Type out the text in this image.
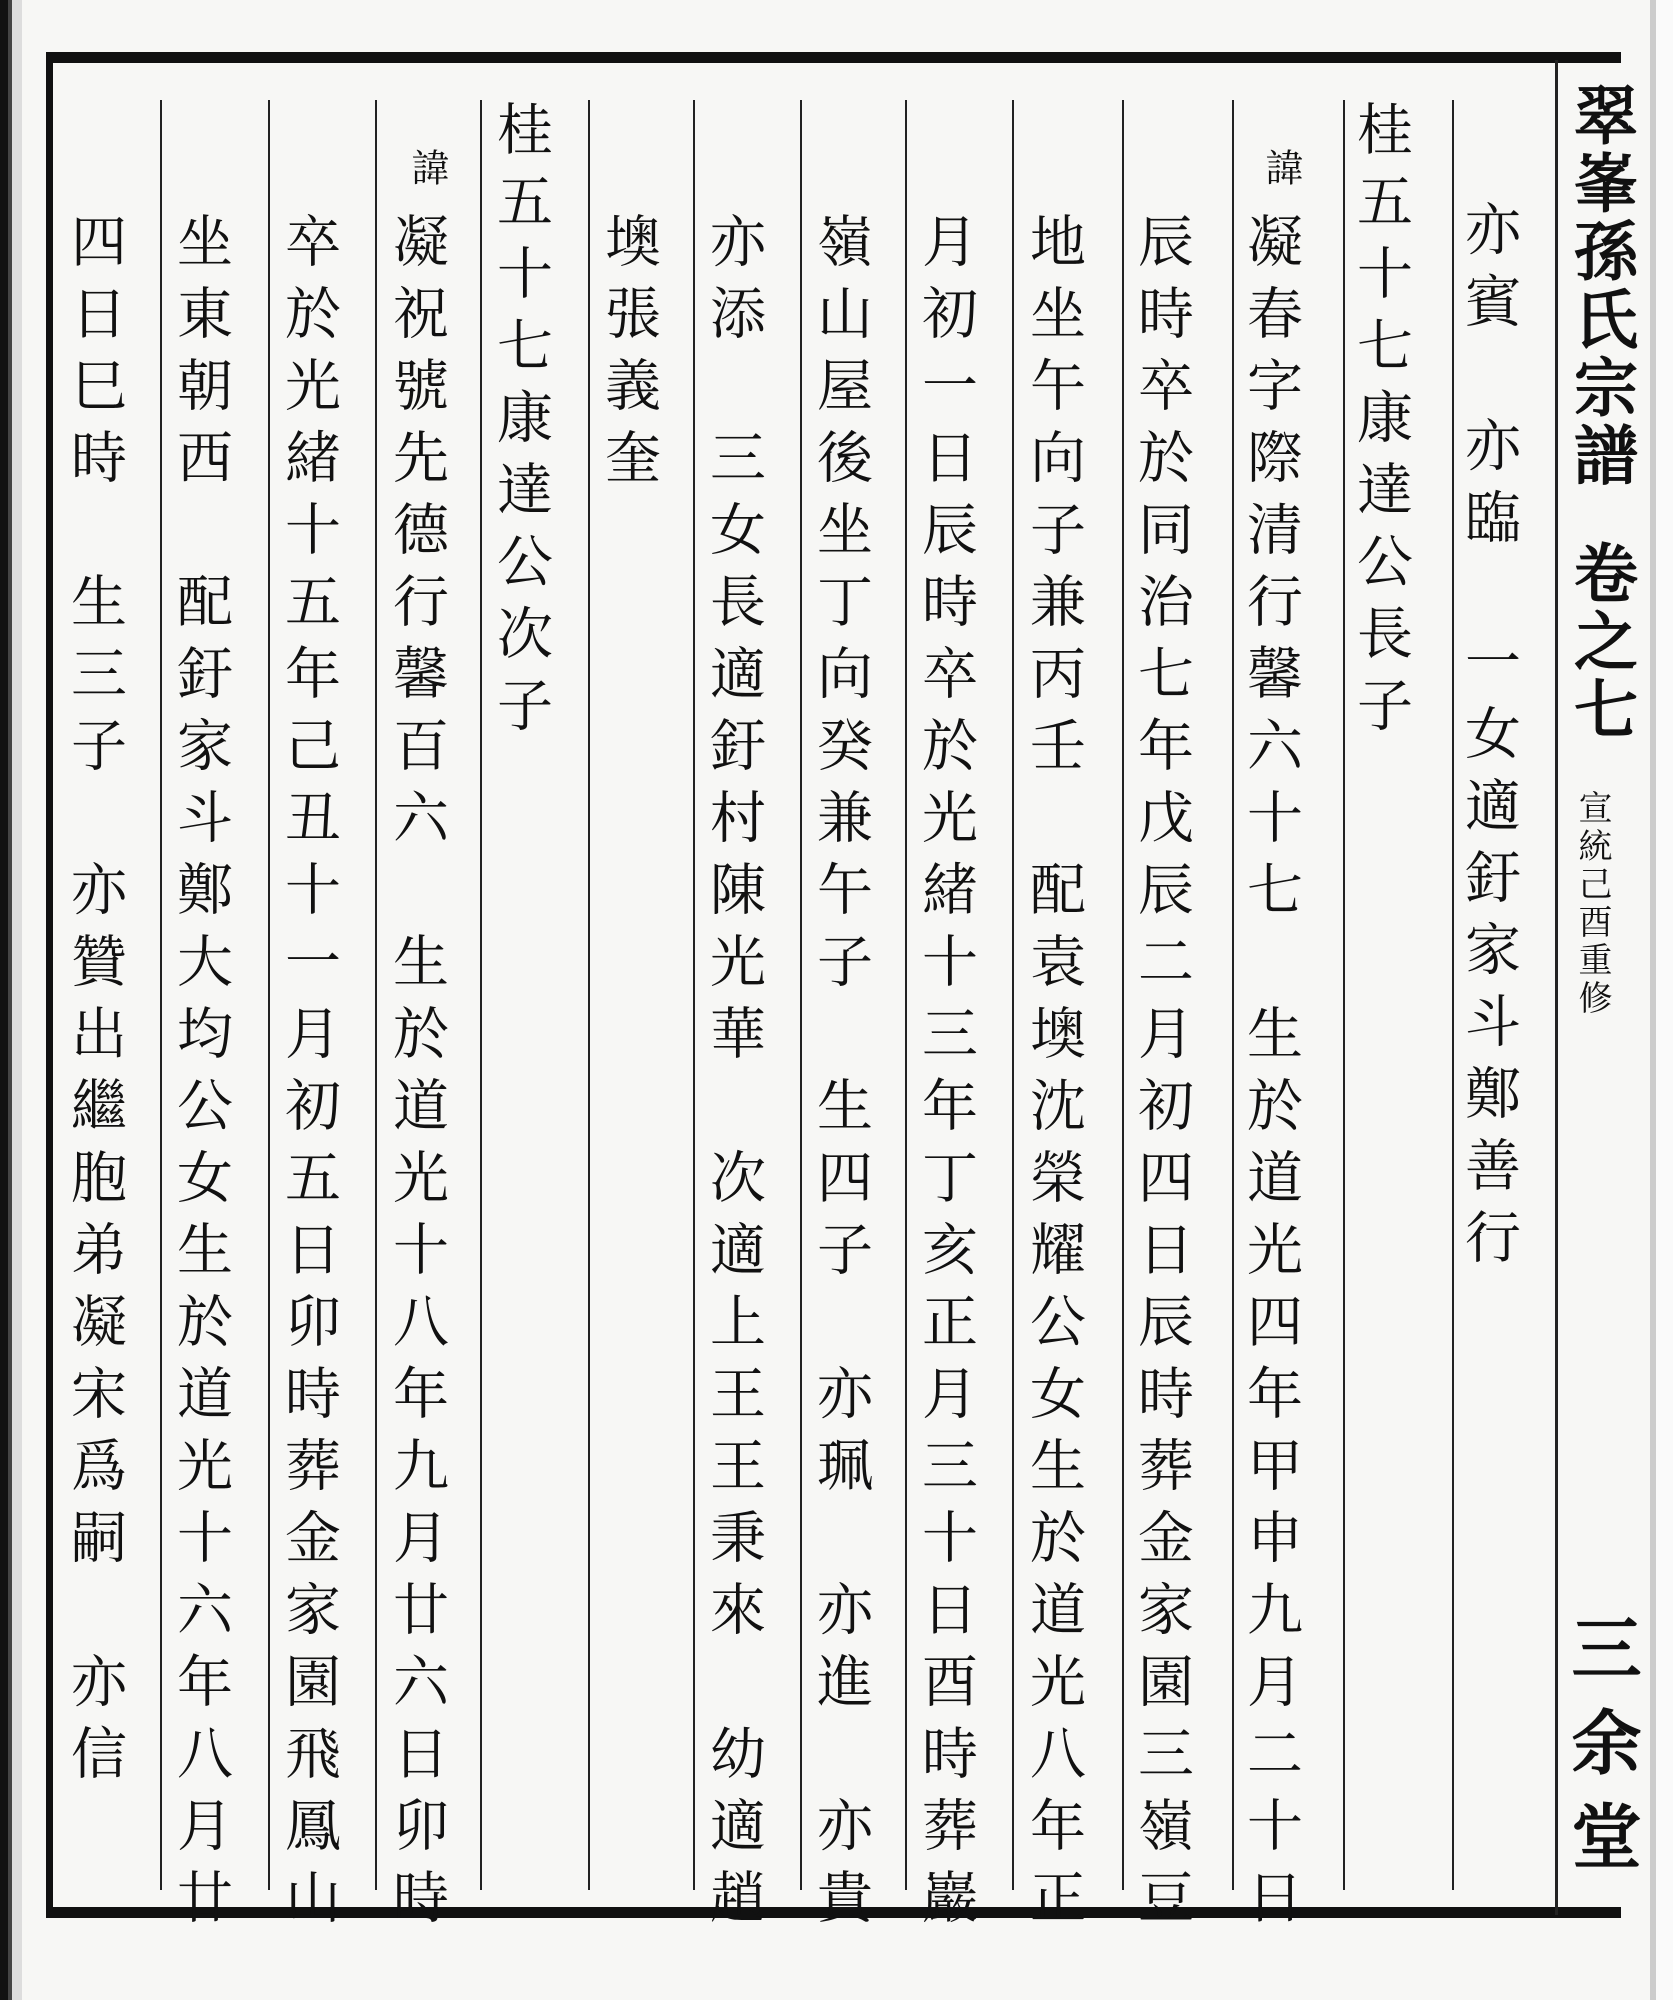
翠峯孫氏宗譜
卷之七
宣統己酉重修
三余堂
亦賓　亦臨　一女適釪家斗鄭善行
桂五十七康達公長子
諱
凝春字際清行馨六十七　生於道光四年甲申九月二十日
辰時卒於同治七年戊辰二月初四日辰時葬金家園三嶺豆
地坐午向子兼丙壬　配袁墺沈榮耀公女生於道光八年正
月初一日辰時卒於光緒十三年丁亥正月三十日酉時葬巖
嶺山屋後坐丁向癸兼午子　生四子　亦珮　亦進　亦貴
亦添　三女長適釪村陳光華　次適上王王秉來　幼適趙
墺張義奎
桂五十七康達公次子
諱
凝祝號先德行馨百六　生於道光十八年九月廿六日卯時
卒於光緒十五年己丑十一月初五日卯時葬金家園飛鳳山
坐東朝西　配釪家斗鄭大均公女生於道光十六年八月廿
四日巳時　生三子　亦贊出繼胞弟凝宋爲嗣　亦信
